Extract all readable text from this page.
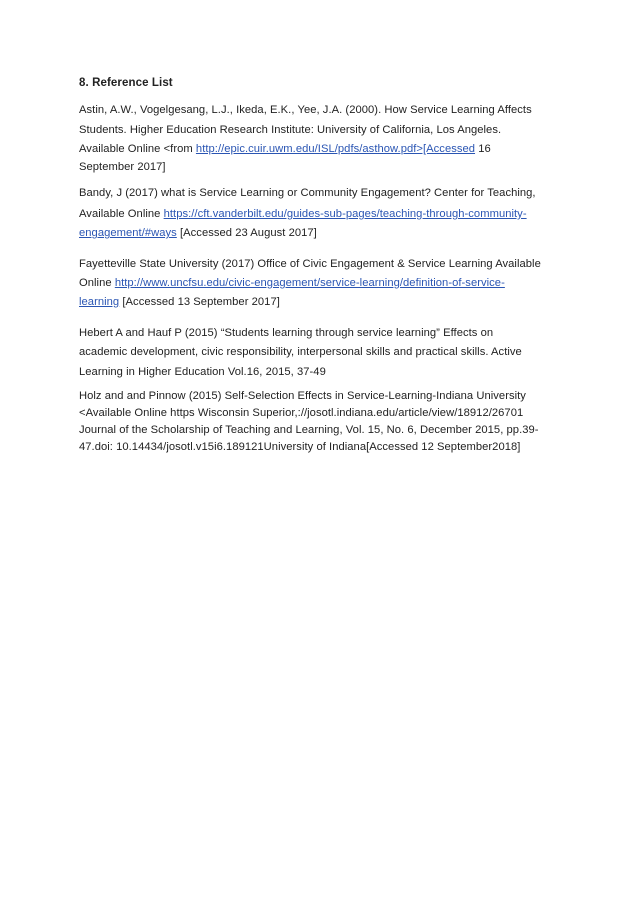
8. Reference List
Astin, A.W., Vogelgesang, L.J., Ikeda, E.K., Yee, J.A. (2000). How Service Learning Affects
Students. Higher Education Research Institute: University of California, Los Angeles.
Available Online <from http://epic.cuir.uwm.edu/ISL/pdfs/asthow.pdf>[Accessed 16
September 2017]
Bandy, J (2017) what is Service Learning or Community Engagement? Center for Teaching,
Available Online https://cft.vanderbilt.edu/guides-sub-pages/teaching-through-community-
engagement/#ways [Accessed 23 August 2017]
Fayetteville State University (2017) Office of Civic Engagement & Service Learning Available
Online http://www.uncfsu.edu/civic-engagement/service-learning/definition-of-service-
learning [Accessed 13 September 2017]
Hebert A and Hauf P (2015) “Students learning through service learning” Effects on
academic development, civic responsibility, interpersonal skills and practical skills. Active
Learning in Higher Education Vol.16, 2015, 37-49
Holz and and Pinnow (2015) Self-Selection Effects in Service-Learning-Indiana University
<Available Online https Wisconsin Superior,://josotl.indiana.edu/article/view/18912/26701
Journal of the Scholarship of Teaching and Learning, Vol. 15, No. 6, December 2015, pp.39-
47.doi: 10.14434/josotl.v15i6.189121University of Indiana[Accessed 12 September2018]
